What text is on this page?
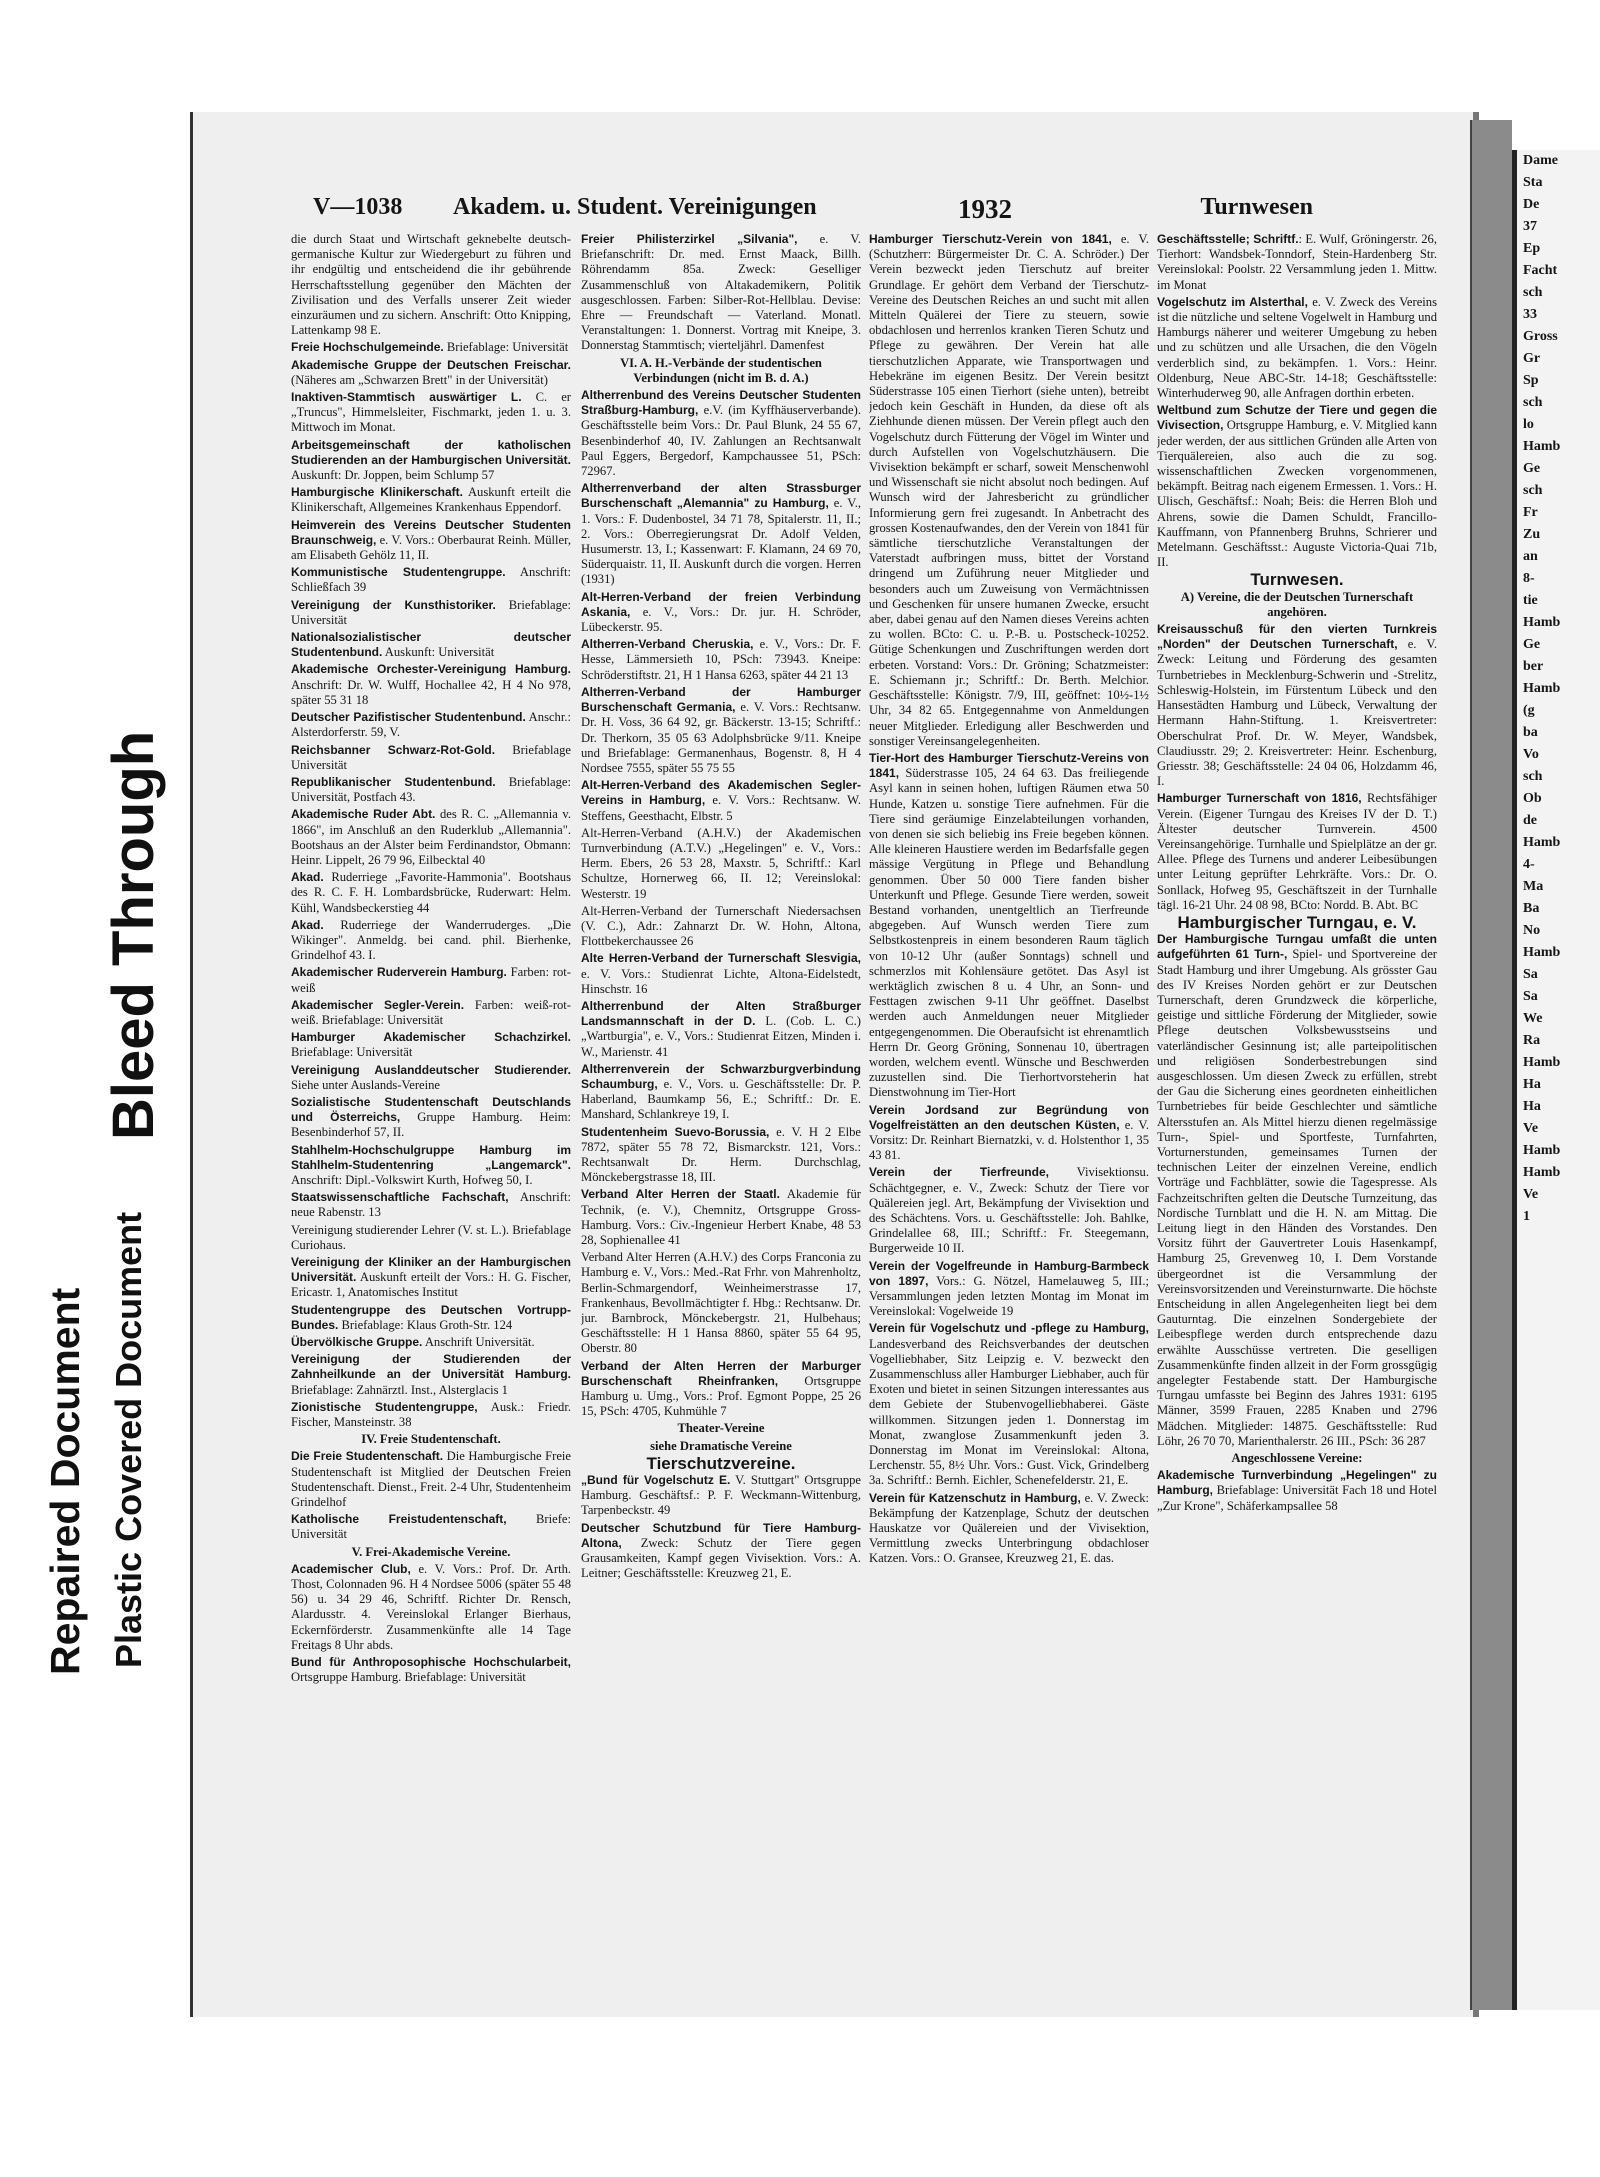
Repaired Document Plastic Covered Document
Bleed Through
V—1038 Akadem. u. Student. Vereinigungen	1932	Turnwesen

die durch Staat und Wirtschaft geknebelte deutsch-germanische Kultur zur Wiedergeburt zu führen und ihr endgültig und entscheidend die ihr gebührende Herrschaftsstellung gegenüber den Mächten der Zivilisation und des Verfalls unserer Zeit wieder einzuräumen und zu sichern. Anschrift: Otto Knipping, Lattenkamp 98 E.

Freie Hochschulgemeinde. Briefablage: Universität

Akademische Gruppe der Deutschen Freischar. (Näheres am „Schwarzen Brett" in der Universität)

Inaktiven-Stammtisch auswärtiger L. C. er „Truncus", Himmelsleiter, Fischmarkt, jeden 1. u. 3. Mittwoch im Monat.

Arbeitsgemeinschaft der katholischen Studierenden an der Hamburgischen Universität. Auskunft: Dr. Joppen, beim Schlump 57

Hamburgische Klinikerschaft. Auskunft erteilt die Klinikerschaft, Allgemeines Krankenhaus Eppendorf.

Heimverein des Vereins Deutscher Studenten Braunschweig, e. V. Vors.: Oberbaurat Reinh. Müller, am Elisabeth Gehölz 11, II.

Kommunistische Studentengruppe. Anschrift: Schließfach 39

Vereinigung der Kunsthistoriker. Briefablage: Universität

Nationalsozialistischer deutscher Studentenbund. Auskunft: Universität

Akademische Orchester-Vereinigung Hamburg. Anschrift: Dr. W. Wulff, Hochallee 42, H 4 No 978, später 55 31 18

Deutscher Pazifistischer Studentenbund. Anschr.: Alsterdorferstr. 59, V.

Reichsbanner Schwarz-Rot-Gold. Briefablage Universität

Republikanischer Studentenbund. Briefablage: Universität, Postfach 43.

Akademische Ruder Abt. des R. C. „Allemannia v. 1866", im Anschluß an den Ruderklub „Allemannia". Bootshaus an der Alster beim Ferdinandstor, Obmann: Heinr. Lippelt, 26 79 96, Eilbecktal 40

Akad. Ruderriege „Favorite-Hammonia". Bootshaus des R. C. F. H. Lombardsbrücke, Ruderwart: Helm. Kühl, Wandsbeckerstieg 44

Akad. Ruderriege der Wanderruderges. „Die Wikinger". Anmeldg. bei cand. phil. Bierhenke, Grindelhof 43. I.

Akademischer Ruderverein Hamburg. Farben: rot-weiß

Akademischer Segler-Verein. Farben: weiß-rot-weiß. Briefablage: Universität

Hamburger Akademischer Schachzirkel. Briefablage: Universität

Vereinigung Auslanddeutscher Studierender. Siehe unter Auslands-Vereine

Sozialistische Studentenschaft Deutschlands und Österreichs, Gruppe Hamburg. Heim: Besenbinderhof 57, II.

Stahlhelm-Hochschulgruppe Hamburg im Stahlhelm-Studentenring „Langemarck". Anschrift: Dipl.-Volkswirt Kurth, Hofweg 50, I.

Staatswissenschaftliche Fachschaft, Anschrift: neue Rabenstr. 13

Vereinigung studierender Lehrer (V. st. L.). Briefablage Curiohaus.

Vereinigung der Kliniker an der Hamburgischen Universität. Auskunft erteilt der Vors.: H. G. Fischer, Ericastr. 1, Anatomisches Institut

Studentengruppe des Deutschen Vortrupp-Bundes. Briefablage: Klaus Groth-Str. 124

Übervölkische Gruppe. Anschrift Universität.

Vereinigung der Studierenden der Zahnheilkunde an der Universität Hamburg. Briefablage: Zahnärztl. Inst., Alsterglacis 1

Zionistische Studentengruppe, Ausk.: Friedr. Fischer, Mansteinstr. 38

IV. Freie Studentenschaft.

Die Freie Studentenschaft. Die Hamburgische Freie Studentenschaft ist Mitglied der Deutschen Freien Studentenschaft. Dienst., Freit. 2-4 Uhr, Studentenheim Grindelhof

Katholische Freistudentenschaft, Briefe: Universität

V. Frei-Akademische Vereine.

Academischer Club, e. V. Vors.: Prof. Dr. Arth. Thost, Colonnaden 96. H 4 Nordsee 5006 (später 55 48 56) u. 34 29 46, Schriftf. Richter Dr. Rensch, Alardusstr. 4. Vereinslokal Erlanger Bierhaus, Eckernförderstr. Zusammenkünfte alle 14 Tage Freitags 8 Uhr abds.

Bund für Anthroposophische Hochschularbeit, Ortsgruppe Hamburg. Briefablage: Universität

Freier Philisterzirkel „Silvania", e. V. Briefanschrift: Dr. med. Ernst Maack, Billh. Röhrendamm 85a. Zweck: Geselliger Zusammenschluß von Altakademikern, Politik ausgeschlossen. Farben: Silber-Rot-Hellblau. Devise: Ehre — Freundschaft — Vaterland. Monatl. Veranstaltungen: 1. Donnerst. Vortrag mit Kneipe, 3. Donnerstag Stammtisch; vierteljährl. Damenfest

VI. A. H.-Verbände der studentischen Verbindungen (nicht im B. d. A.)

Altherrenbund des Vereins Deutscher Studenten Straßburg-Hamburg, e.V. (im Kyffhäuserverbande). Geschäftsstelle beim Vors.: Dr. Paul Blunk, 24 55 67, Besenbinderhof 40, IV. Zahlungen an Rechtsanwalt Paul Eggers, Bergedorf, Kampchaussee 51, PSch: 72967.

Altherrenverband der alten Strassburger Burschenschaft „Alemannia" zu Hamburg, e. V., 1. Vors.: F. Dudenbostel, 34 71 78, Spitalerstr. 11, II.; 2. Vors.: Oberregierungsrat Dr. Adolf Velden, Husumerstr. 13, I.; Kassenwart: F. Klamann, 24 69 70, Süderquaistr. 11, II. Auskunft durch die vorgen. Herren (1931)

Alt-Herren-Verband der freien Verbindung Askania, e. V., Vors.: Dr. jur. H. Schröder, Lübeckerstr. 95.

Altherren-Verband Cheruskia, e. V., Vors.: Dr. F. Hesse, Lämmersieth 10, PSch: 73943. Kneipe: Schröderstiftstr. 21, H 1 Hansa 6263, später 44 21 13

Altherren-Verband der Hamburger Burschenschaft Germania, e. V. Vors.: Rechtsanw. Dr. H. Voss, 36 64 92, gr. Bäckerstr. 13-15; Schriftf.: Dr. Therkorn, 35 05 63 Adolphsbrücke 9/11. Kneipe und Briefablage: Germanenhaus, Bogenstr. 8, H 4 Nordsee 7555, später 55 75 55

Alt-Herren-Verband des Akademischen Segler-Vereins in Hamburg, e. V. Vors.: Rechtsanw. W. Steffens, Geesthacht, Elbstr. 5

Alt-Herren-Verband (A.H.V.) der Akademischen Turnverbindung (A.T.V.) „Hegelingen" e. V., Vors.: Herm. Ebers, 26 53 28, Maxstr. 5, Schriftf.: Karl Schultze, Hornerweg 66, II. 12; Vereinslokal: Westerstr. 19

Alt-Herren-Verband der Turnerschaft Niedersachsen (V. C.), Adr.: Zahnarzt Dr. W. Hohn, Altona, Flottbekerchaussee 26

Alte Herren-Verband der Turnerschaft Slesvigia, e. V. Vors.: Studienrat Lichte, Altona-Eidelstedt, Hinschstr. 16

Altherrenbund der Alten Straßburger Landsmannschaft in der D. L. (Cob. L. C.) „Wartburgia", e. V., Vors.: Studienrat Eitzen, Minden i. W., Marienstr. 41

Altherrenverein der Schwarzburgverbindung Schaumburg, e. V., Vors. u. Geschäftsstelle: Dr. P. Haberland, Baumkamp 56, E.; Schriftf.: Dr. E. Manshard, Schlankreye 19, I.

Studentenheim Suevo-Borussia, e. V. H 2 Elbe 7872, später 55 78 72, Bismarckstr. 121, Vors.: Rechtsanwalt Dr. Herm. Durchschlag, Mönckebergstrasse 18, III.

Verband Alter Herren der Staatl. Akademie für Technik, (e. V.), Chemnitz, Ortsgruppe Gross-Hamburg. Vors.: Civ.-Ingenieur Herbert Knabe, 48 53 28, Sophienallee 41

Verband Alter Herren (A.H.V.) des Corps Franconia zu Hamburg e. V., Vors.: Med.-Rat Frhr. von Mahrenholtz, Berlin-Schmargendorf, Weinheimerstrasse 17, Frankenhaus, Bevollmächtigter f. Hbg.: Rechtsanw. Dr. jur. Barnbrock, Mönckebergstr. 21, Hulbehaus; Geschäftsstelle: H 1 Hansa 8860, später 55 64 95, Oberstr. 80

Verband der Alten Herren der Marburger Burschenschaft Rheinfranken, Ortsgruppe Hamburg u. Umg., Vors.: Prof. Egmont Poppe, 25 26 15, PSch: 4705, Kuhmühle 7

Theater-Vereine

siehe Dramatische Vereine

Tierschutzvereine.

„Bund für Vogelschutz E. V. Stuttgart" Ortsgruppe Hamburg. Geschäftsf.: P. F. Weckmann-Wittenburg, Tarpenbeckstr. 49

Deutscher Schutzbund für Tiere Hamburg-Altona, Zweck: Schutz der Tiere gegen Grausamkeiten, Kampf gegen Vivisektion. Vors.: A. Leitner; Geschäftsstelle: Kreuzweg 21, E.

Hamburger Tierschutz-Verein von 1841, e. V. (Schutzherr: Bürgermeister Dr. C. A. Schröder.) Der Verein bezweckt jeden Tierschutz auf breiter Grundlage. Er gehört dem Verband der Tierschutz-Vereine des Deutschen Reiches an und sucht mit allen Mitteln Quälerei der Tiere zu steuern, sowie obdachlosen und herrenlos kranken Tieren Schutz und Pflege zu gewähren. Der Verein hat alle tierschutzlichen Apparate, wie Transportwagen und Hebekräne im eigenen Besitz. Der Verein besitzt Süderstrasse 105 einen Tierhort (siehe unten), betreibt jedoch kein Geschäft in Hunden, da diese oft als Ziehhunde dienen müssen. Der Verein pflegt auch den Vogelschutz durch Fütterung der Vögel im Winter und durch Aufstellen von Vogelschutzhäusern. Die Vivisektion bekämpft er scharf, soweit Menschenwohl und Wissenschaft sie nicht absolut noch bedingen. Auf Wunsch wird der Jahresbericht zu gründlicher Informierung gern frei zugesandt. In Anbetracht des grossen Kostenaufwandes, den der Verein von 1841 für sämtliche tierschutzliche Veranstaltungen der Vaterstadt aufbringen muss, bittet der Vorstand dringend um Zuführung neuer Mitglieder und besonders auch um Zuweisung von Vermächtnissen und Geschenken für unsere humanen Zwecke, ersucht aber, dabei genau auf den Namen dieses Vereins achten zu wollen. BCto: C. u. P.-B. u. Postscheck-10252. Gütige Schenkungen und Zuschriftungen werden dort erbeten. Vorstand: Vors.: Dr. Gröning; Schatzmeister: E. Schiemann jr.; Schriftf.: Dr. Berth. Melchior. Geschäftsstelle: Königstr. 7/9, III, geöffnet: 10½-1½ Uhr, 34 82 65. Entgegennahme von Anmeldungen neuer Mitglieder. Erledigung aller Beschwerden und sonstiger Vereinsangelegenheiten.

Tier-Hort des Hamburger Tierschutz-Vereins von 1841, Süderstrasse 105, 24 64 63. Das freiliegende Asyl kann in seinen hohen, luftigen Räumen etwa 50 Hunde, Katzen u. sonstige Tiere aufnehmen. Für die Tiere sind geräumige Einzelabteilungen vorhanden, von denen sie sich beliebig ins Freie begeben können. Alle kleineren Haustiere werden im Bedarfsfalle gegen mässige Vergütung in Pflege und Behandlung genommen. Über 50 000 Tiere fanden bisher Unterkunft und Pflege. Gesunde Tiere werden, soweit Bestand vorhanden, unentgeltlich an Tierfreunde abgegeben. Auf Wunsch werden Tiere zum Selbstkostenpreis in einem besonderen Raum täglich von 10-12 Uhr (außer Sonntags) schnell und schmerzlos mit Kohlensäure getötet. Das Asyl ist werktäglich zwischen 8 u. 4 Uhr, an Sonn- und Festtagen zwischen 9-11 Uhr geöffnet. Daselbst werden auch Anmeldungen neuer Mitglieder entgegengenommen. Die Oberaufsicht ist ehrenamtlich Herrn Dr. Georg Gröning, Sonnenau 10, übertragen worden, welchem eventl. Wünsche und Beschwerden zuzustellen sind. Die Tierhortvorsteherin hat Dienstwohnung im Tier-Hort

Verein Jordsand zur Begründung von Vogelfreistätten an den deutschen Küsten, e. V. Vorsitz: Dr. Reinhart Biernatzki, v. d. Holstenthor 1, 35 43 81.

Verein der Tierfreunde, Vivisektionsu. Schächtgegner, e. V., Zweck: Schutz der Tiere vor Quälereien jegl. Art, Bekämpfung der Vivisektion und des Schächtens. Vors. u. Geschäftsstelle: Joh. Bahlke, Grindelallee 68, III.; Schriftf.: Fr. Steegemann, Burgerweide 10 II.

Verein der Vogelfreunde in Hamburg-Barmbeck von 1897, Vors.: G. Nötzel, Hamelauweg 5, III.; Versammlungen jeden letzten Montag im Monat im Vereinslokal: Vogelweide 19

Verein für Vogelschutz und -pflege zu Hamburg, Landesverband des Reichsverbandes der deutschen Vogelliebhaber, Sitz Leipzig e. V. bezweckt den Zusammenschluss aller Hamburger Liebhaber, auch für Exoten und bietet in seinen Sitzungen interessantes aus dem Gebiete der Stubenvogelliebhaberei. Gäste willkommen. Sitzungen jeden 1. Donnerstag im Monat, zwanglose Zusammenkunft jeden 3. Donnerstag im Monat im Vereinslokal: Altona, Lerchenstr. 55, 8½ Uhr. Vors.: Gust. Vick, Grindelberg 3a. Schriftf.: Bernh. Eichler, Schenefelderstr. 21, E.

Verein für Katzenschutz in Hamburg, e. V. Zweck: Bekämpfung der Katzenplage, Schutz der deutschen Hauskatze vor Quälereien und der Vivisektion, Vermittlung zwecks Unterbringung obdachloser Katzen. Vors.: O. Gransee, Kreuzweg 21, E. das.

Geschäftsstelle; Schriftf.: E. Wulf, Gröningerstr. 26, Tierhort: Wandsbek-Tonndorf, Stein-Hardenberg Str. Vereinslokal: Poolstr. 22 Versammlung jeden 1. Mittw. im Monat

Vogelschutz im Alsterthal, e. V. Zweck des Vereins ist die nützliche und seltene Vogelwelt in Hamburg und Hamburgs näherer und weiterer Umgebung zu heben und zu schützen und alle Ursachen, die den Vögeln verderblich sind, zu bekämpfen. 1. Vors.: Heinr. Oldenburg, Neue ABC-Str. 14-18; Geschäftsstelle: Winterhuderweg 90, alle Anfragen dorthin erbeten.

Weltbund zum Schutze der Tiere und gegen die Vivisection, Ortsgruppe Hamburg, e. V. Mitglied kann jeder werden, der aus sittlichen Gründen alle Arten von Tierquälereien, also auch die zu sog. wissenschaftlichen Zwecken vorgenommenen, bekämpft. Beitrag nach eigenem Ermessen. 1. Vors.: H. Ulisch, Geschäftsf.: Noah; Beis: die Herren Bloh und Ahrens, sowie die Damen Schuldt, Francillo-Kauffmann, von Pfannenberg Bruhns, Schrierer und Metelmann. Geschäftsst.: Auguste Victoria-Quai 71b, II.

Turnwesen.

A) Vereine, die der Deutschen Turnerschaft angehören.

Kreisausschuß für den vierten Turnkreis „Norden" der Deutschen Turnerschaft, e. V. Zweck: Leitung und Förderung des gesamten Turnbetriebes in Mecklenburg-Schwerin und -Strelitz, Schleswig-Holstein, im Fürstentum Lübeck und den Hansestädten Hamburg und Lübeck, Verwaltung der Hermann Hahn-Stiftung. 1. Kreisvertreter: Oberschulrat Prof. Dr. W. Meyer, Wandsbek, Claudiusstr. 29; 2. Kreisvertreter: Heinr. Eschenburg, Griesstr. 38; Geschäftsstelle: 24 04 06, Holzdamm 46, I.

Hamburger Turnerschaft von 1816, Rechtsfähiger Verein. (Eigener Turngau des Kreises IV der D. T.) Ältester deutscher Turnverein. 4500 Vereinsangehörige. Turnhalle und Spielplätze an der gr. Allee. Pflege des Turnens und anderer Leibesübungen unter Leitung geprüfter Lehrkräfte. Vors.: Dr. O. Sonllack, Hofweg 95, Geschäftszeit in der Turnhalle tägl. 16-21 Uhr. 24 08 98, BCto: Nordd. B. Abt. BC

Hamburgischer Turngau, e. V.

Der Hamburgische Turngau umfaßt die unten aufgeführten 61 Turn-, Spiel- und Sportvereine der Stadt Hamburg und ihrer Umgebung. Als grösster Gau des IV Kreises Norden gehört er zur Deutschen Turnerschaft, deren Grundzweck die körperliche, geistige und sittliche Förderung der Mitglieder, sowie Pflege deutschen Volksbewusstseins und vaterländischer Gesinnung ist; alle parteipolitischen und religiösen Sonderbestrebungen sind ausgeschlossen. Um diesen Zweck zu erfüllen, strebt der Gau die Sicherung eines geordneten einheitlichen Turnbetriebes für beide Geschlechter und sämtliche Altersstufen an. Als Mittel hierzu dienen regelmässige Turn-, Spiel- und Sportfeste, Turnfahrten, Vorturnerstunden, gemeinsames Turnen der technischen Leiter der einzelnen Vereine, endlich Vorträge und Fachblätter, sowie die Tagespresse. Als Fachzeitschriften gelten die Deutsche Turnzeitung, das Nordische Turnblatt und die H. N. am Mittag. Die Leitung liegt in den Händen des Vorstandes. Den Vorsitz führt der Gauvertreter Louis Hasenkampf, Hamburg 25, Grevenweg 10, I. Dem Vorstande übergeordnet ist die Versammlung der Vereinsvorsitzenden und Vereinsturnwarte. Die höchste Entscheidung in allen Angelegenheiten liegt bei dem Gauturntag. Die einzelnen Sondergebiete der Leibespflege werden durch entsprechende dazu erwählte Ausschüsse vertreten. Die geselligen Zusammenkünfte finden allzeit in der Form grossgügig angelegter Festabende statt. Der Hamburgische Turngau umfasste bei Beginn des Jahres 1931: 6195 Männer, 3599 Frauen, 2285 Knaben und 2796 Mädchen. Mitglieder: 14875. Geschäftsstelle: Rud Löhr, 26 70 70, Marienthalerstr. 26 III., PSch: 36 287

Angeschlossene Vereine:

Akademische Turnverbindung „Hegelingen" zu Hamburg, Briefablage: Universität Fach 18 und Hotel „Zur Krone", Schäferkampsallee 58

Dame
Sta
De
37
Ep
Facht
sch
33
Gross
Gr
Sp
sch
lo
Hamb
Ge
sch
Fr
Zu
an
8-
tie
Hamb
Ge
ber
Hamb
(g
ba
Vo
sch
Ob
de
Hamb
4-
Ma
Ba
No
Hamb
Sa
Sa
We
Ra
Hamb
Ha
Ha
Ve
Hamb
Hamb
Ve
1
